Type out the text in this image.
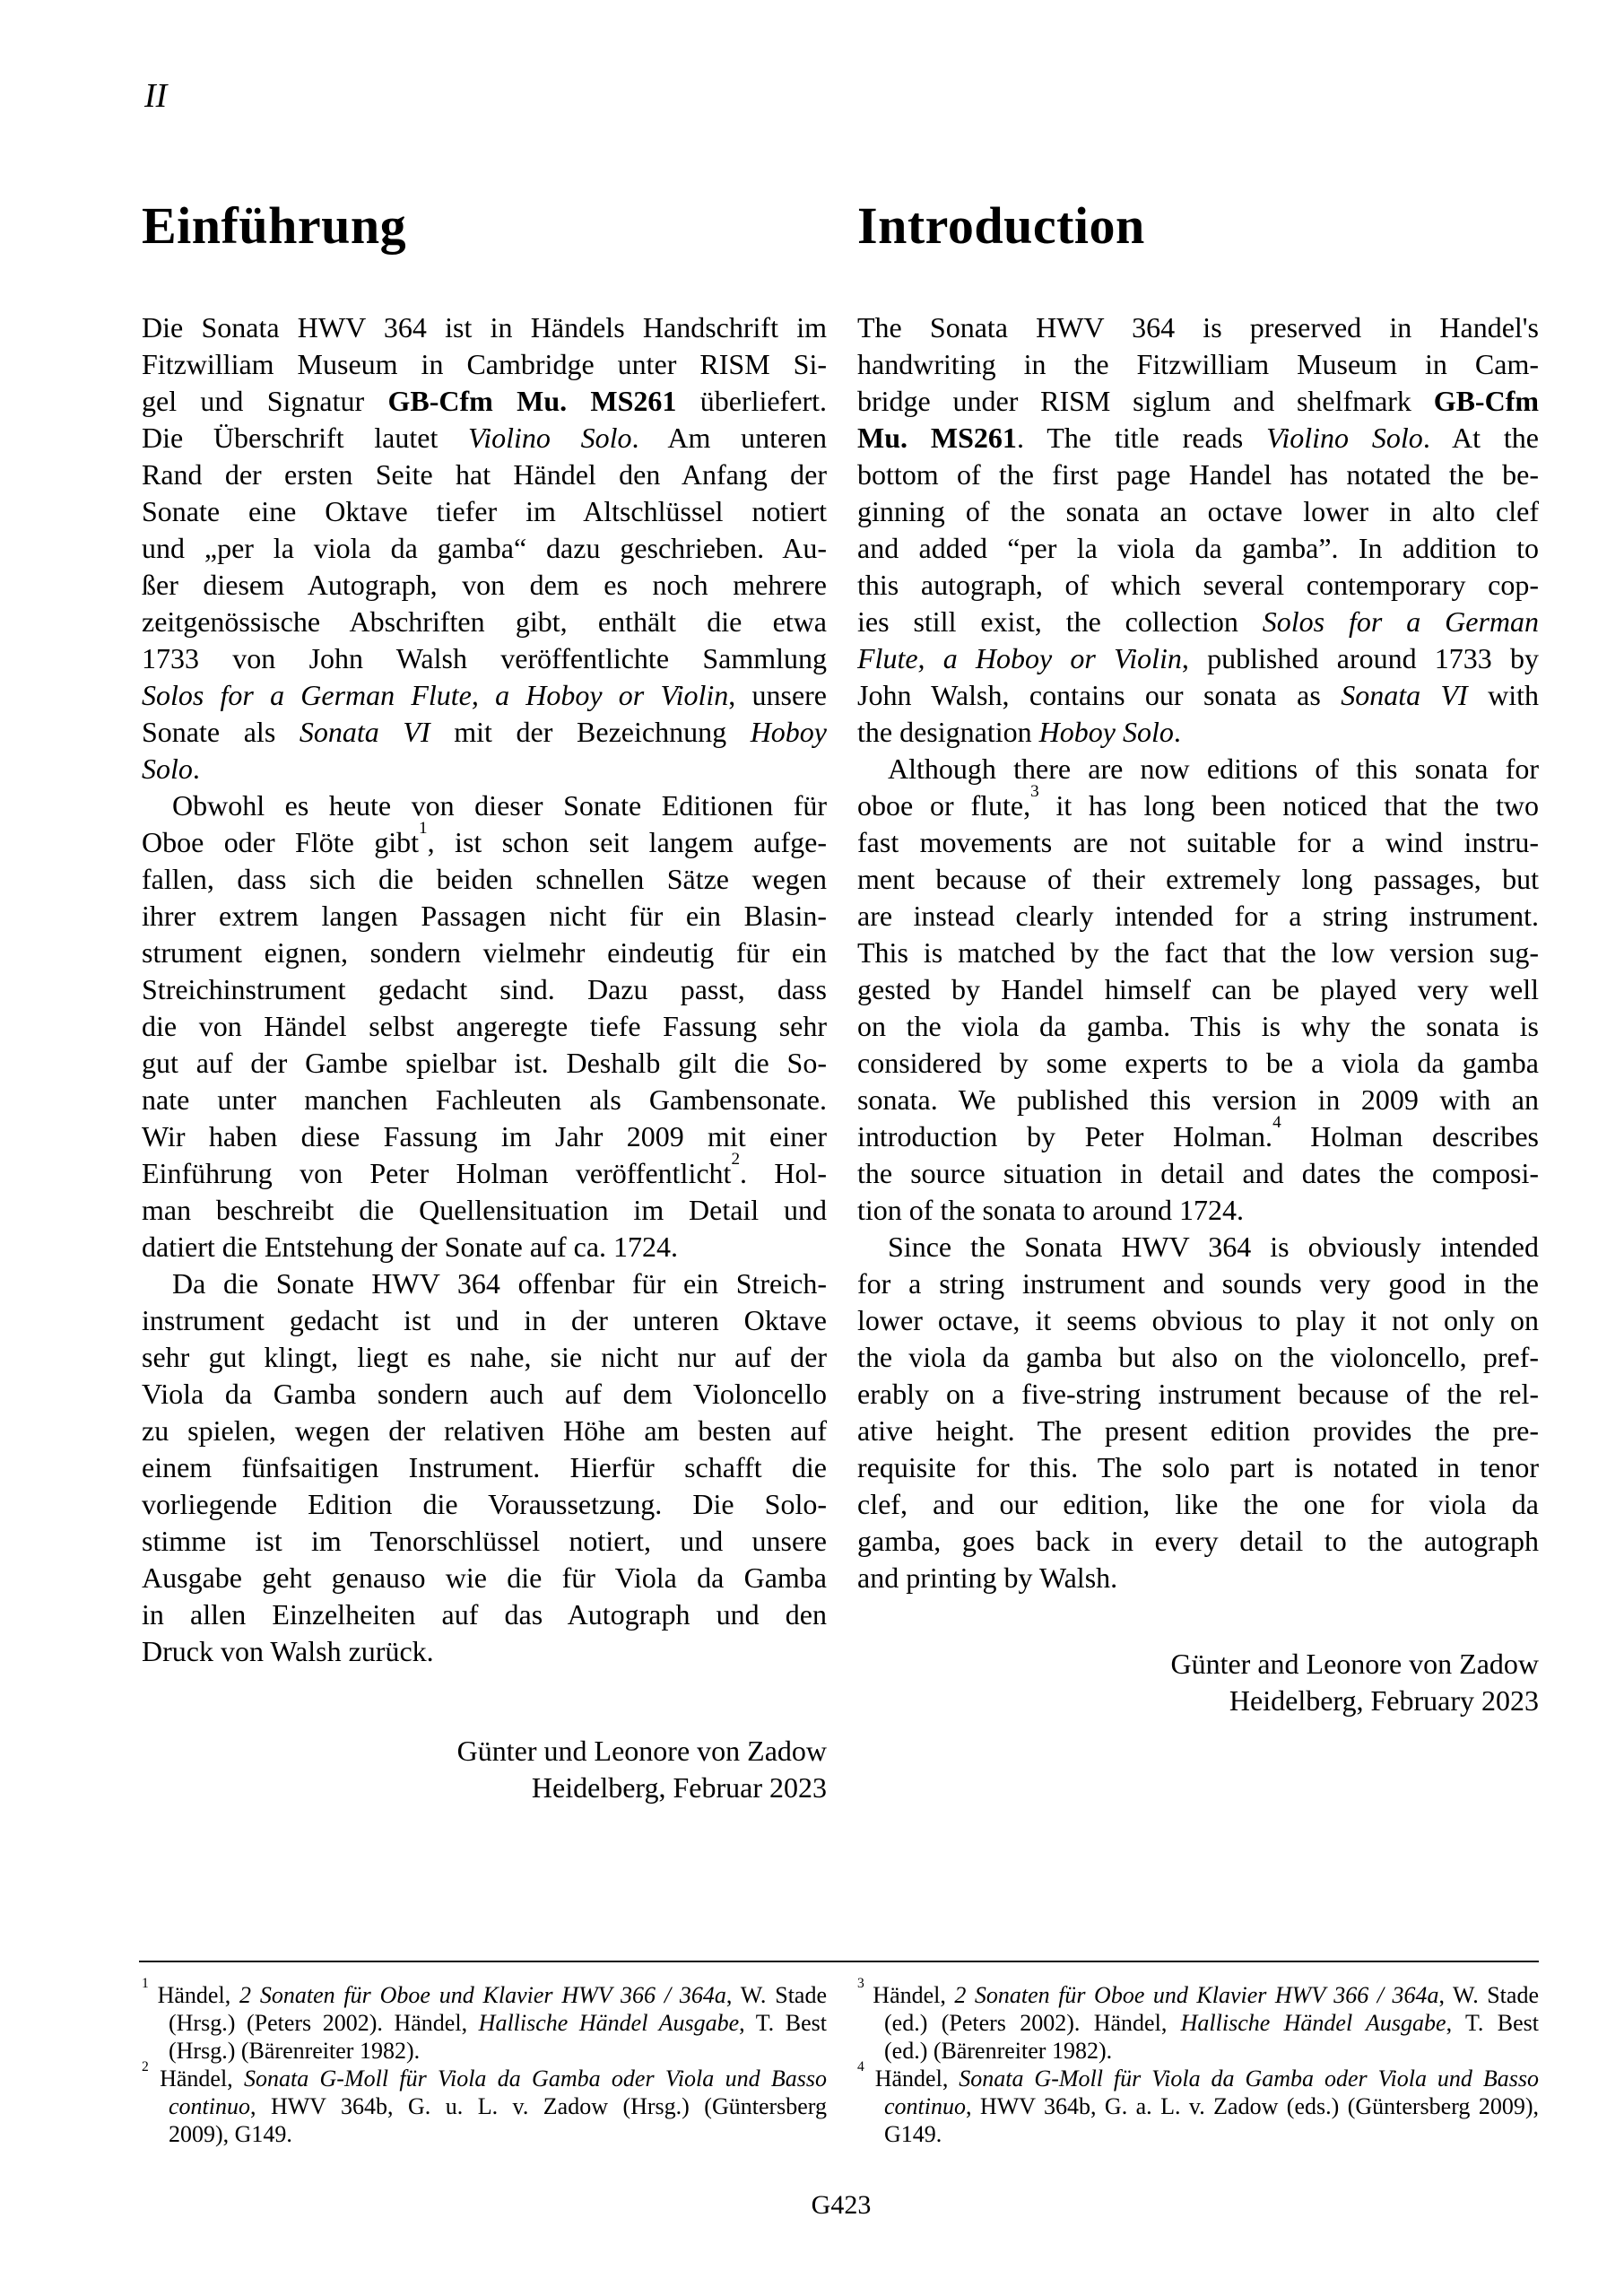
II
Einführung
Die Sonata HWV 364 ist in Händels Handschrift im
Fitzwilliam Museum in Cambridge unter RISM Si-
gel und Signatur GB-Cfm Mu. MS261 überliefert.
Die Überschrift lautet Violino Solo. Am unteren
Rand der ersten Seite hat Händel den Anfang der
Sonate eine Oktave tiefer im Altschlüssel notiert
und „per la viola da gamba“ dazu geschrieben. Au-
ßer diesem Autograph, von dem es noch mehrere
zeitgenössische Abschriften gibt, enthält die etwa
1733 von John Walsh veröffentlichte Sammlung
Solos for a German Flute, a Hoboy or Violin, unsere
Sonate als Sonata VI mit der Bezeichnung Hoboy
Solo.
Obwohl es heute von dieser Sonate Editionen für
Oboe oder Flöte gibt$^1$, ist schon seit langem aufge-
fallen, dass sich die beiden schnellen Sätze wegen
ihrer extrem langen Passagen nicht für ein Blasin-
strument eignen, sondern vielmehr eindeutig für ein
Streichinstrument gedacht sind. Dazu passt, dass
die von Händel selbst angeregte tiefe Fassung sehr
gut auf der Gambe spielbar ist. Deshalb gilt die So-
nate unter manchen Fachleuten als Gambensonate.
Wir haben diese Fassung im Jahr 2009 mit einer
Einführung von Peter Holman veröffentlicht$^2$. Hol-
man beschreibt die Quellensituation im Detail und
datiert die Entstehung der Sonate auf ca. 1724.
Da die Sonate HWV 364 offenbar für ein Streich-
instrument gedacht ist und in der unteren Oktave
sehr gut klingt, liegt es nahe, sie nicht nur auf der
Viola da Gamba sondern auch auf dem Violoncello
zu spielen, wegen der relativen Höhe am besten auf
einem fünfsaitigen Instrument. Hierfür schafft die
vorliegende Edition die Voraussetzung. Die Solo-
stimme ist im Tenorschlüssel notiert, und unsere
Ausgabe geht genauso wie die für Viola da Gamba
in allen Einzelheiten auf das Autograph und den
Druck von Walsh zurück.
Günter und Leonore von Zadow
Heidelberg, Februar 2023
Introduction
The Sonata HWV 364 is preserved in Handel's
handwriting in the Fitzwilliam Museum in Cam-
bridge under RISM siglum and shelfmark GB-Cfm
Mu. MS261. The title reads Violino Solo. At the
bottom of the first page Handel has notated the be-
ginning of the sonata an octave lower in alto clef
and added “per la viola da gamba”. In addition to
this autograph, of which several contemporary cop-
ies still exist, the collection Solos for a German
Flute, a Hoboy or Violin, published around 1733 by
John Walsh, contains our sonata as Sonata VI with
the designation Hoboy Solo.
Although there are now editions of this sonata for
oboe or flute,$^3$ it has long been noticed that the two
fast movements are not suitable for a wind instru-
ment because of their extremely long passages, but
are instead clearly intended for a string instrument.
This is matched by the fact that the low version sug-
gested by Handel himself can be played very well
on the viola da gamba. This is why the sonata is
considered by some experts to be a viola da gamba
sonata. We published this version in 2009 with an
introduction by Peter Holman.$^4$ Holman describes
the source situation in detail and dates the composi-
tion of the sonata to around 1724.
Since the Sonata HWV 364 is obviously intended
for a string instrument and sounds very good in the
lower octave, it seems obvious to play it not only on
the viola da gamba but also on the violoncello, pref-
erably on a five-string instrument because of the rel-
ative height. The present edition provides the pre-
requisite for this. The solo part is notated in tenor
clef, and our edition, like the one for viola da
gamba, goes back in every detail to the autograph
and printing by Walsh.
Günter and Leonore von Zadow
Heidelberg, February 2023
$^1$ Händel, 2 Sonaten für Oboe und Klavier HWV 366 / 364a, W. Stade
(Hrsg.) (Peters 2002). Händel, Hallische Händel Ausgabe, T. Best
(Hrsg.) (Bärenreiter 1982).
$^2$ Händel, Sonata G-Moll für Viola da Gamba oder Viola und Basso
continuo, HWV 364b, G. u. L. v. Zadow (Hrsg.) (Güntersberg
2009), G149.
$^3$ Händel, 2 Sonaten für Oboe und Klavier HWV 366 / 364a, W. Stade
(ed.) (Peters 2002). Händel, Hallische Händel Ausgabe, T. Best
(ed.) (Bärenreiter 1982).
$^4$ Händel, Sonata G-Moll für Viola da Gamba oder Viola und Basso
continuo, HWV 364b, G. a. L. v. Zadow (eds.) (Güntersberg 2009),
G149.
G423
